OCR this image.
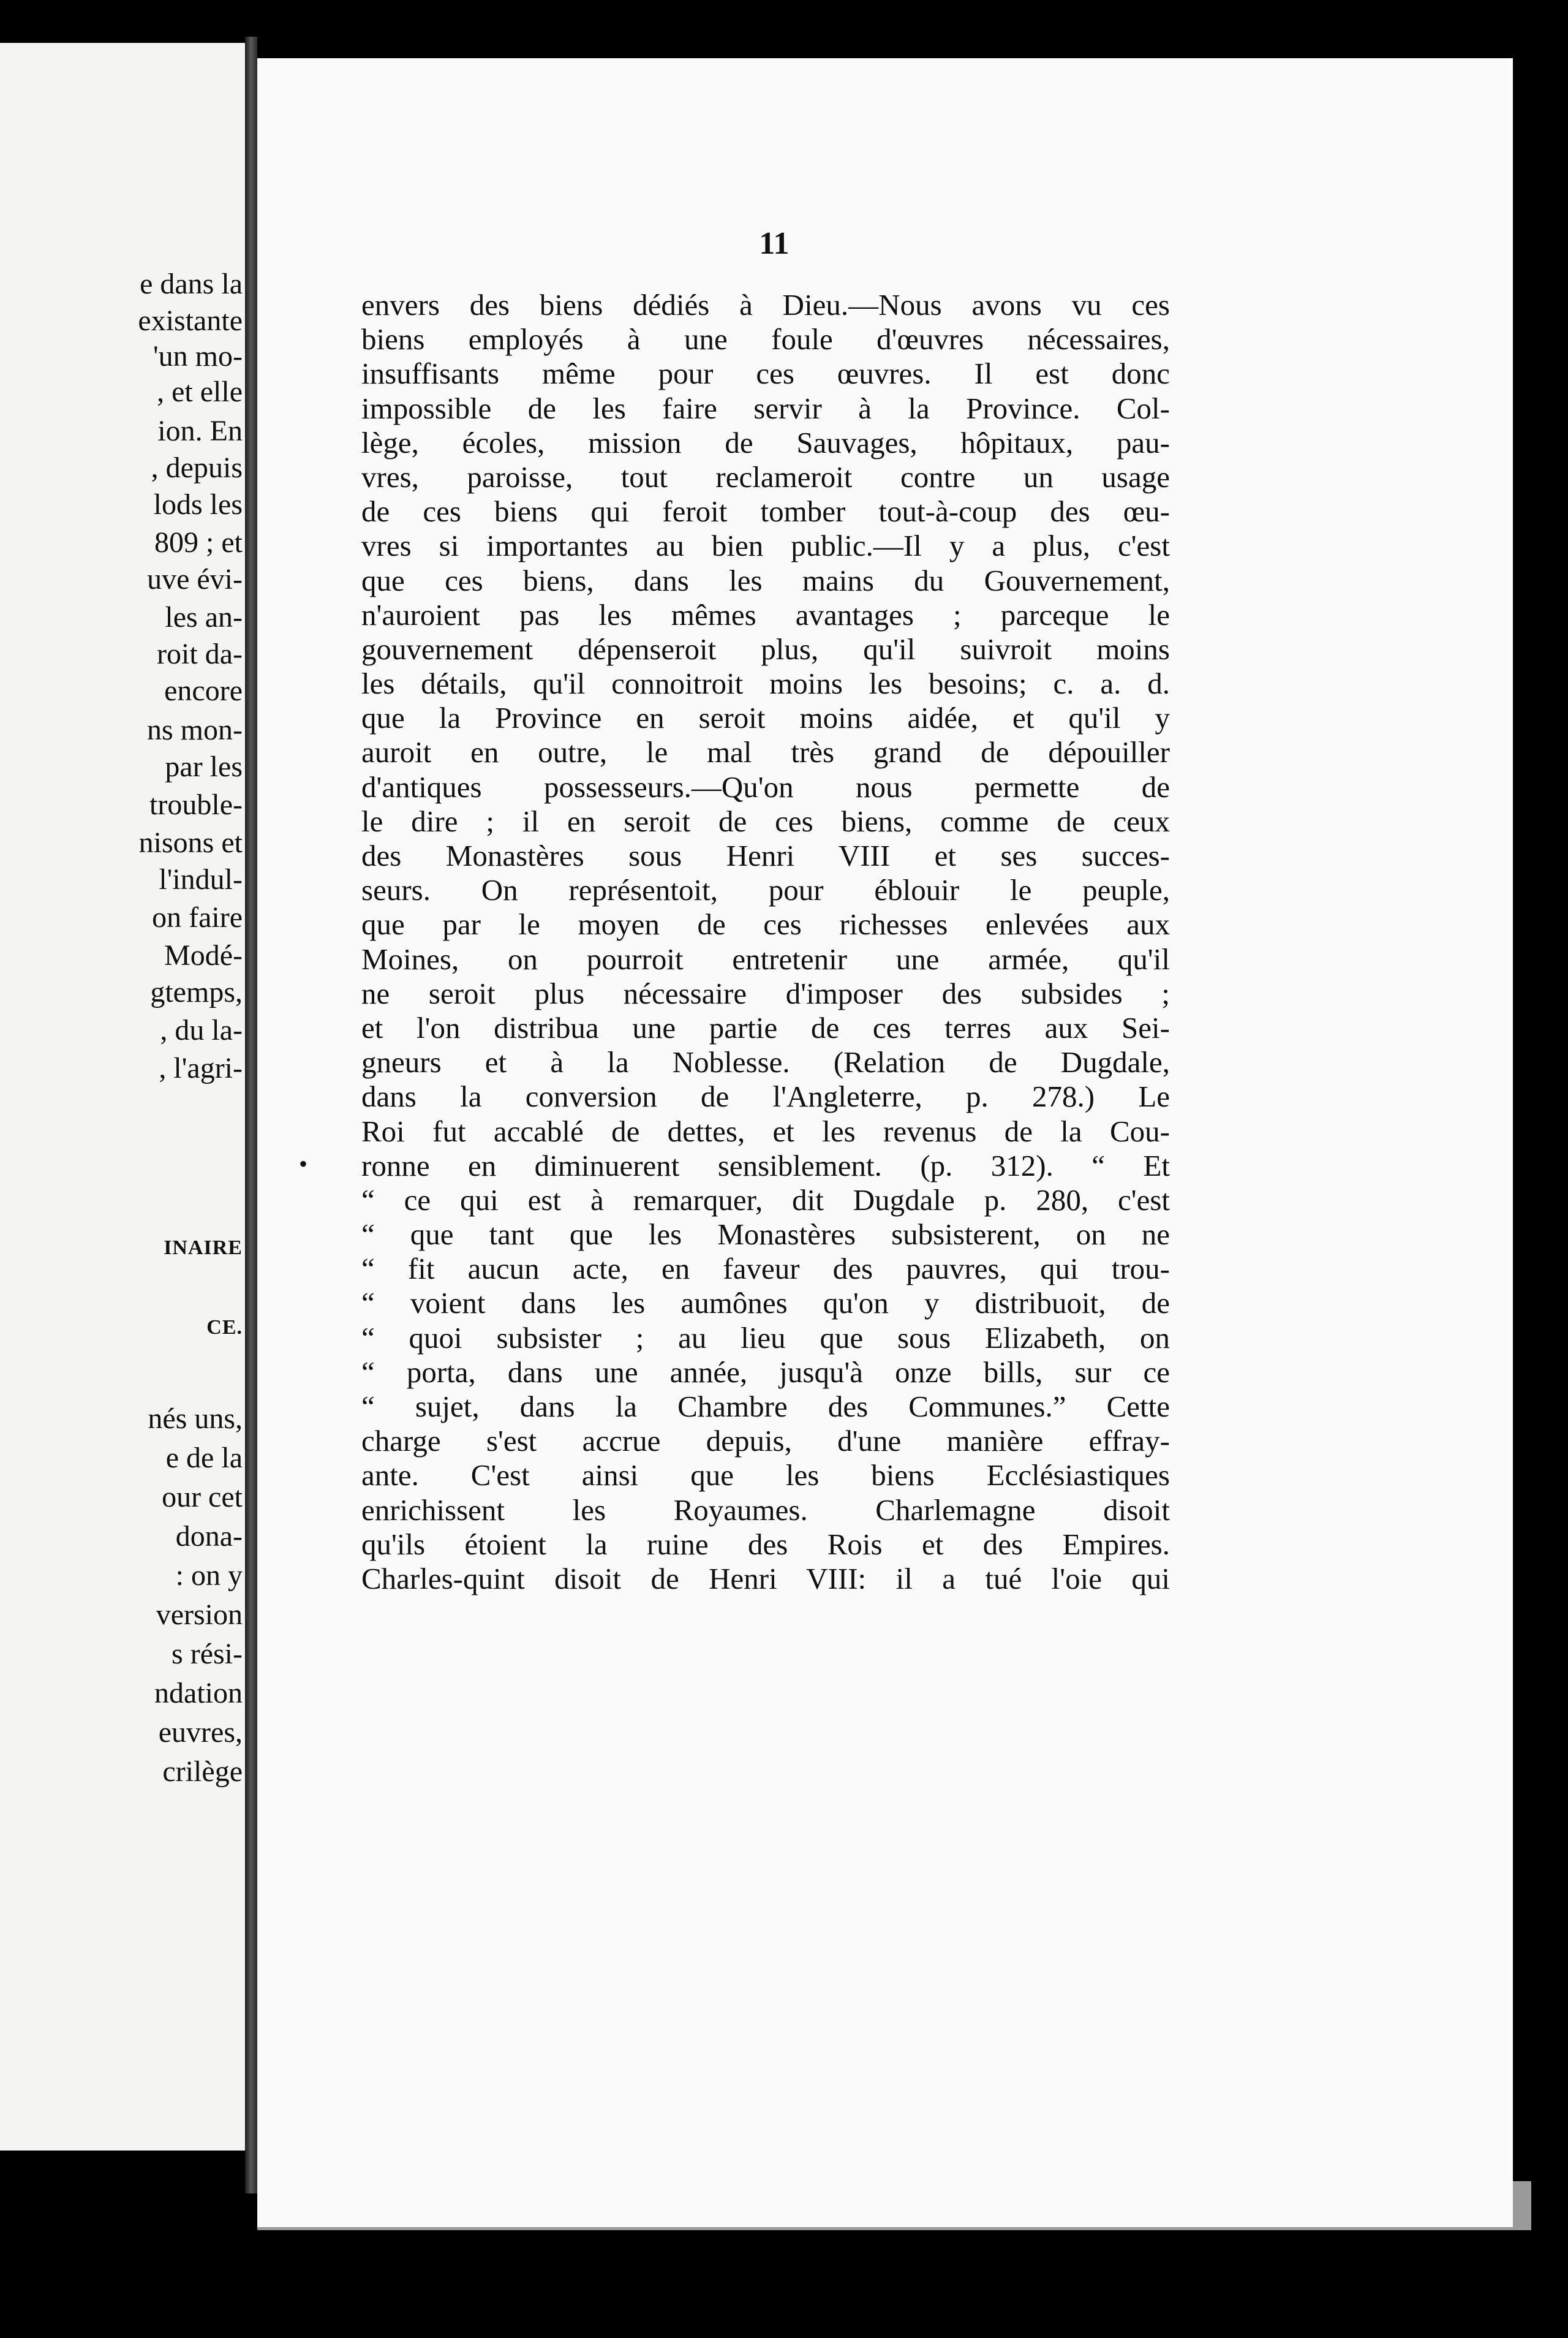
e dans la
existante
'un mo-
, et elle
ion. En
, depuis
lods les
809 ; et
uve évi-
les an-
roit da-
encore
ns mon-
par les
trouble-
nisons et
l'indul-
on faire
Modé-
gtemps,
, du la-
, l'agri-
INAIRE
CE.
nés uns,
e de la
our cet
dona-
: on y
version
s rési-
ndation
euvres,
crilège
11
envers des biens dédiés à Dieu.—Nous avons vu ces
biens employés à une foule d'œuvres nécessaires,
insuffisants même pour ces œuvres. Il est donc
impossible de les faire servir à la Province. Col-
lège, écoles, mission de Sauvages, hôpitaux, pau-
vres, paroisse, tout reclameroit contre un usage
de ces biens qui feroit tomber tout-à-coup des œu-
vres si importantes au bien public.—Il y a plus, c'est
que ces biens, dans les mains du Gouvernement,
n'auroient pas les mêmes avantages ; parceque le
gouvernement dépenseroit plus, qu'il suivroit moins
les détails, qu'il connoitroit moins les besoins; c. a. d.
que la Province en seroit moins aidée, et qu'il y
auroit en outre, le mal très grand de dépouiller
d'antiques possesseurs.—Qu'on nous permette de
le dire ; il en seroit de ces biens, comme de ceux
des Monastères sous Henri VIII et ses succes-
seurs. On représentoit, pour éblouir le peuple,
que par le moyen de ces richesses enlevées aux
Moines, on pourroit entretenir une armée, qu'il
ne seroit plus nécessaire d'imposer des subsides ;
et l'on distribua une partie de ces terres aux Sei-
gneurs et à la Noblesse. (Relation de Dugdale,
dans la conversion de l'Angleterre, p. 278.) Le
Roi fut accablé de dettes, et les revenus de la Cou-
ronne en diminuerent sensiblement. (p. 312). “ Et
“ ce qui est à remarquer, dit Dugdale p. 280, c'est
“ que tant que les Monastères subsisterent, on ne
“ fit aucun acte, en faveur des pauvres, qui trou-
“ voient dans les aumônes qu'on y distribuoit, de
“ quoi subsister ; au lieu que sous Elizabeth, on
“ porta, dans une année, jusqu'à onze bills, sur ce
“ sujet, dans la Chambre des Communes.” Cette
charge s'est accrue depuis, d'une manière effray-
ante. C'est ainsi que les biens Ecclésiastiques
enrichissent les Royaumes. Charlemagne disoit
qu'ils étoient la ruine des Rois et des Empires.
Charles-quint disoit de Henri VIII: il a tué l'oie qui
•
